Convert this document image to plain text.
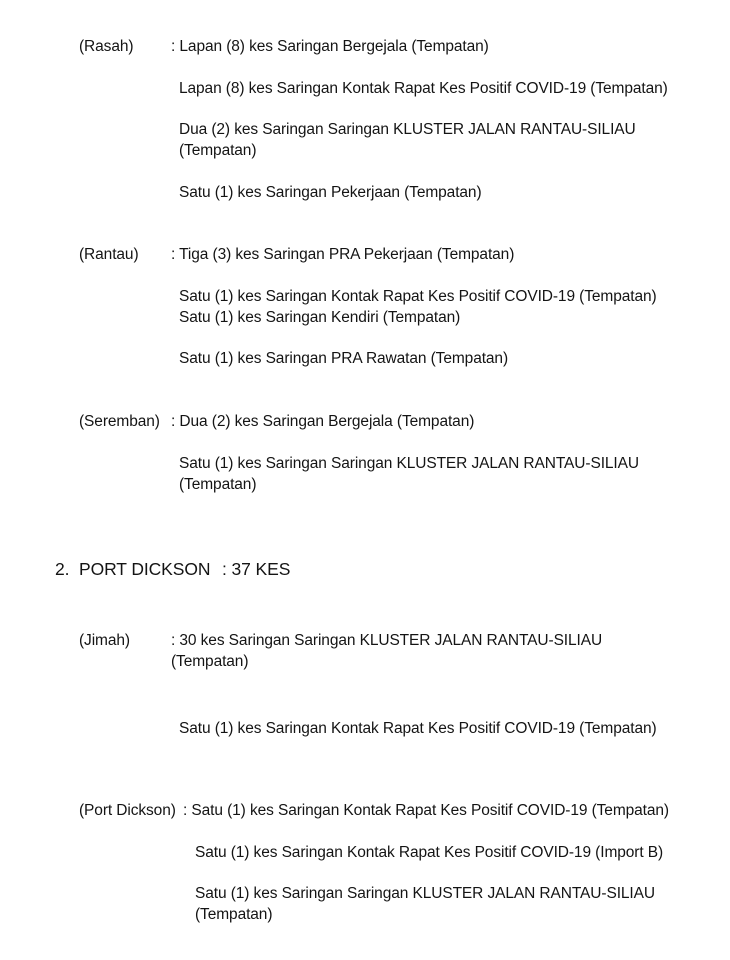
(Rasah) : Lapan (8) kes Saringan Bergejala (Tempatan)
Lapan (8) kes Saringan Kontak Rapat Kes Positif COVID-19 (Tempatan)
Dua (2) kes Saringan Saringan KLUSTER JALAN RANTAU-SILIAU (Tempatan)
Satu (1) kes Saringan Pekerjaan (Tempatan)
(Rantau) : Tiga (3) kes Saringan PRA Pekerjaan (Tempatan)
Satu (1) kes Saringan Kontak Rapat Kes Positif COVID-19 (Tempatan)
Satu (1) kes Saringan Kendiri (Tempatan)
Satu (1) kes Saringan PRA Rawatan (Tempatan)
(Seremban) : Dua (2) kes Saringan Bergejala (Tempatan)
Satu (1) kes Saringan Saringan KLUSTER JALAN RANTAU-SILIAU (Tempatan)
2. PORT DICKSON : 37 KES
(Jimah)	: 30 kes Saringan Saringan KLUSTER JALAN RANTAU-SILIAU (Tempatan)
Satu (1) kes Saringan Kontak Rapat Kes Positif COVID-19 (Tempatan)
(Port Dickson) : Satu (1) kes Saringan Kontak Rapat Kes Positif COVID-19 (Tempatan)
Satu (1) kes Saringan Kontak Rapat Kes Positif COVID-19 (Import B)
Satu (1) kes Saringan Saringan KLUSTER JALAN RANTAU-SILIAU (Tempatan)
